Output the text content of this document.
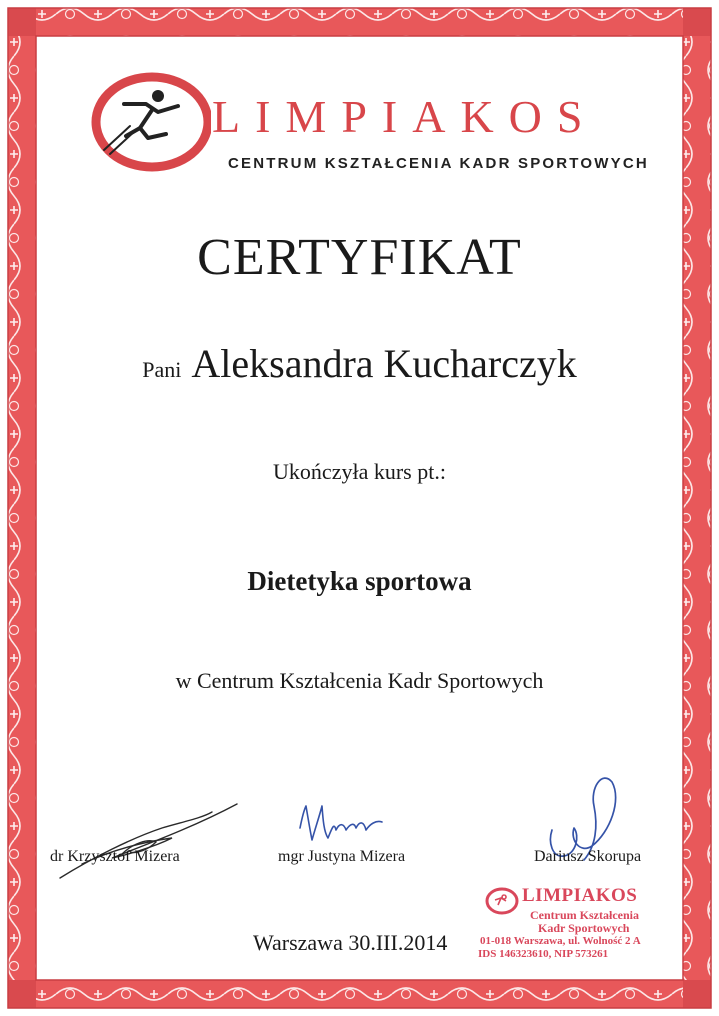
LIMPIAKOS
CENTRUM KSZTAŁCENIA KADR SPORTOWYCH
CERTYFIKAT
Pani Aleksandra Kucharczyk
Ukończyła kurs pt.:
Dietetyka sportowa
w Centrum Kształcenia Kadr Sportowych
dr Krzysztof Mizera	mgr Justyna Mizera	Dariusz Skorupa
Warszawa 30.III.2014
LIMPIAKOS
Centrum Kształcenia
Kadr Sportowych
01-018 Warszawa, ul. Wolność 2 A
IDS 146323610, NIP 573261
